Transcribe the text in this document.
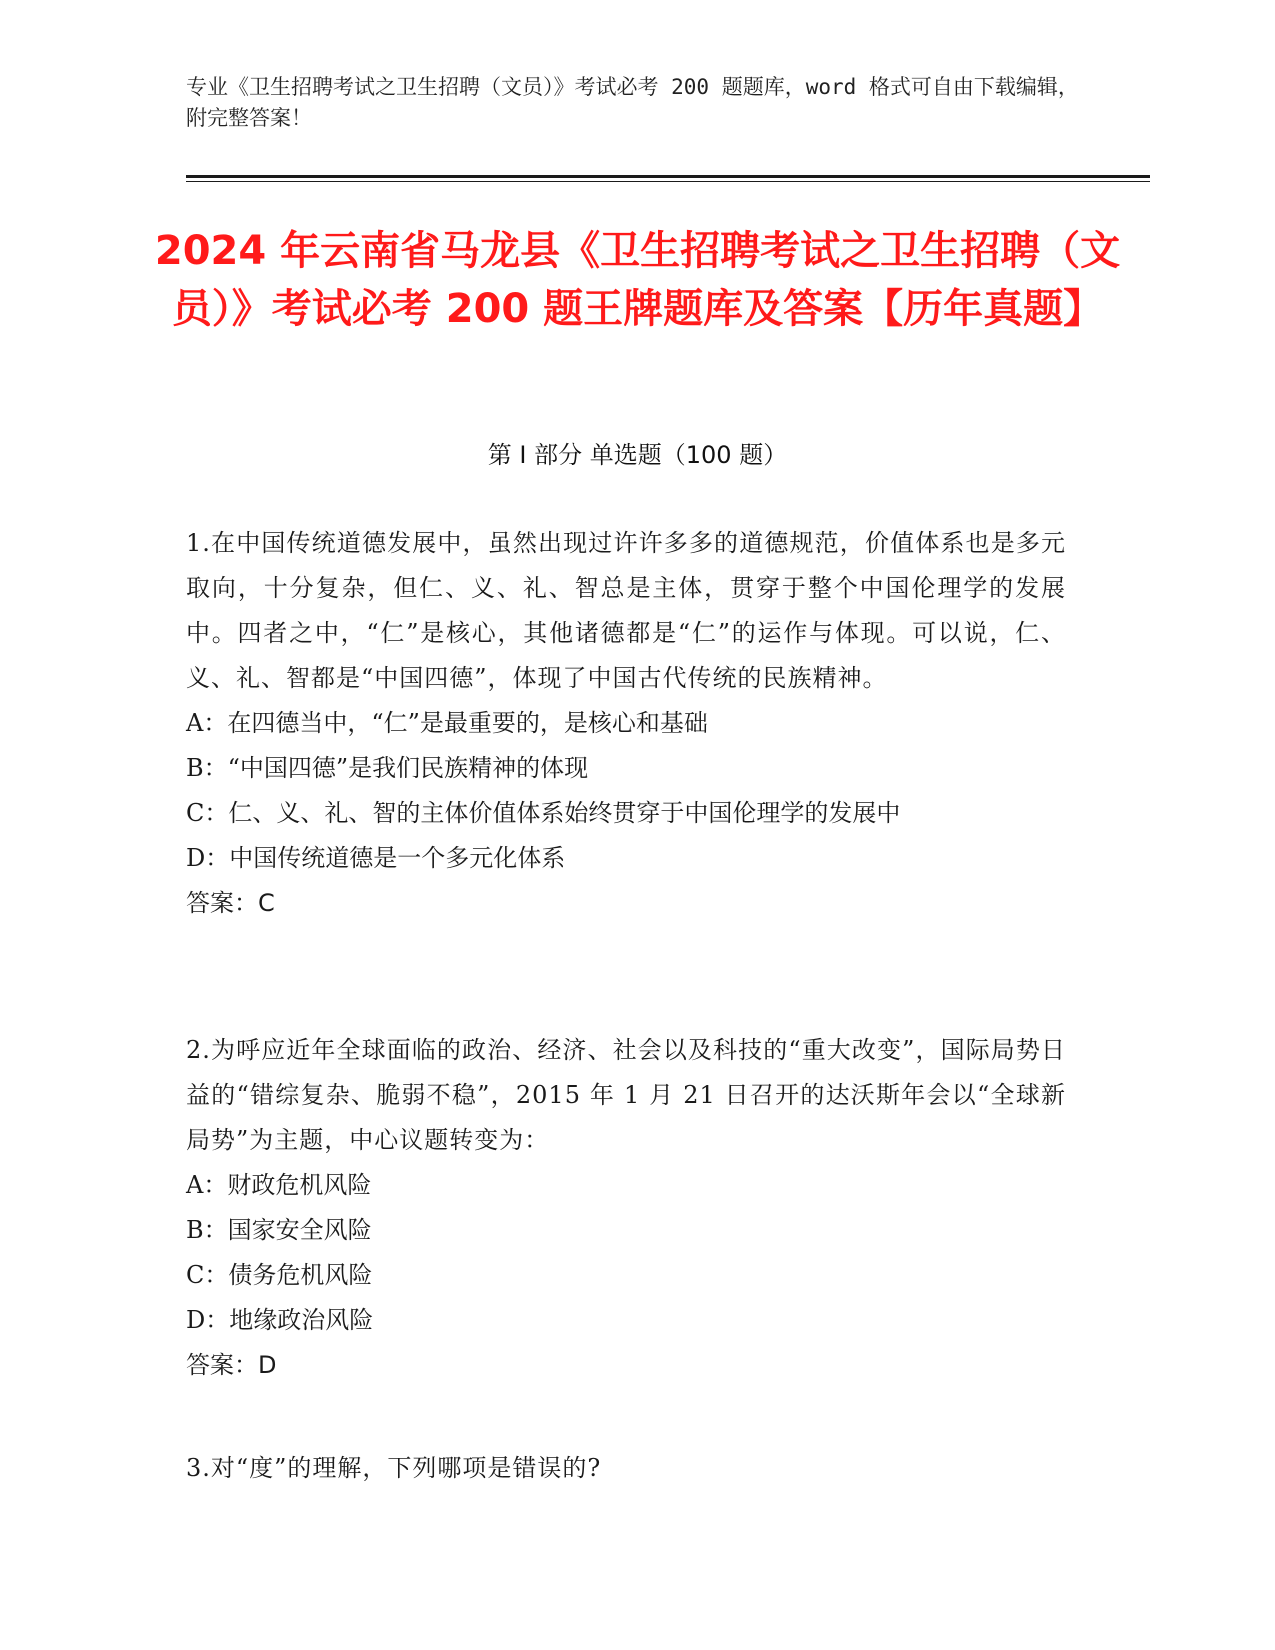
专业《卫生招聘考试之卫生招聘（文员）》考试必考 200 题题库，word 格式可自由下载编辑，附完整答案！
2024 年云南省马龙县《卫生招聘考试之卫生招聘（文员）》考试必考 200 题王牌题库及答案【历年真题】
第 I 部分 单选题（100 题）
1.在中国传统道德发展中，虽然出现过许许多多的道德规范，价值体系也是多元取向，十分复杂，但仁、义、礼、智总是主体，贯穿于整个中国伦理学的发展中。四者之中，“仁”是核心，其他诸德都是“仁”的运作与体现。可以说，仁、义、礼、智都是“中国四德”，体现了中国古代传统的民族精神。
A：在四德当中，“仁”是最重要的，是核心和基础
B：“中国四德”是我们民族精神的体现
C：仁、义、礼、智的主体价值体系始终贯穿于中国伦理学的发展中
D：中国传统道德是一个多元化体系
答案：C
2.为呼应近年全球面临的政治、经济、社会以及科技的“重大改变”，国际局势日益的“错综复杂、脆弱不稳”，2015 年 1 月 21 日召开的达沃斯年会以“全球新局势”为主题，中心议题转变为：
A：财政危机风险
B：国家安全风险
C：债务危机风险
D：地缘政治风险
答案：D
3.对“度”的理解，下列哪项是错误的?
